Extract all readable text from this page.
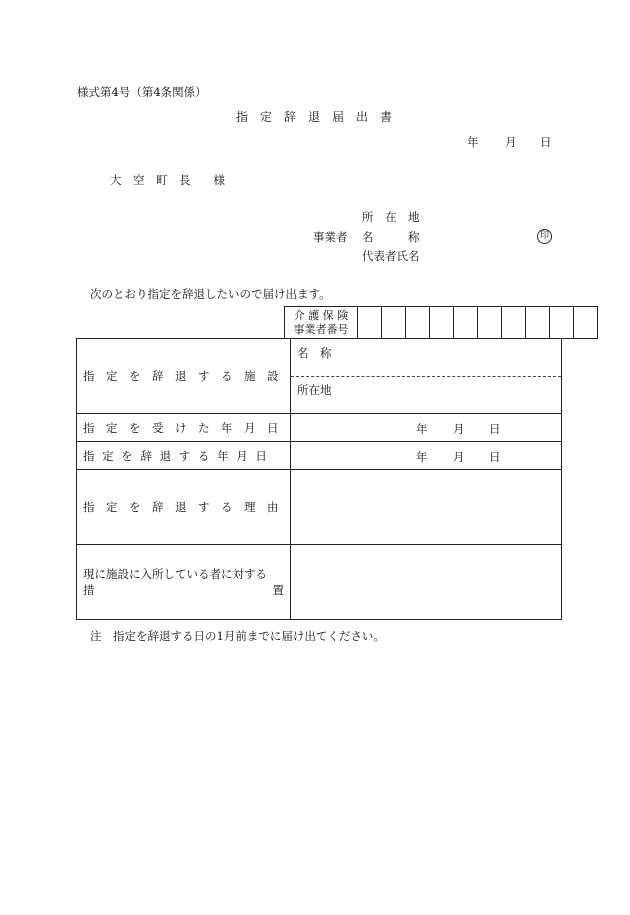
様式第4号（第4条関係）
指　定　辞　退　届　出　書
年 月 日
大　空　町　長　　様
所　在　地
事業者 名　　　称	印
代表者氏名
次のとおり指定を辞退したいので届け出ます。
介 護 保 険
事業者番号

指　定　を　辞　退　す　る　施　設	名　称
所在地

指　定　を　受　け　た　年　月　日	年 月 日

指 定 を 辞 退 す る 年 月 日	年 月 日

指　定　を　辞　退　す　る　理　由	

現に施設に入所している者に対する
措 置	

注　指定を辞退する日の1月前までに届け出てください。
